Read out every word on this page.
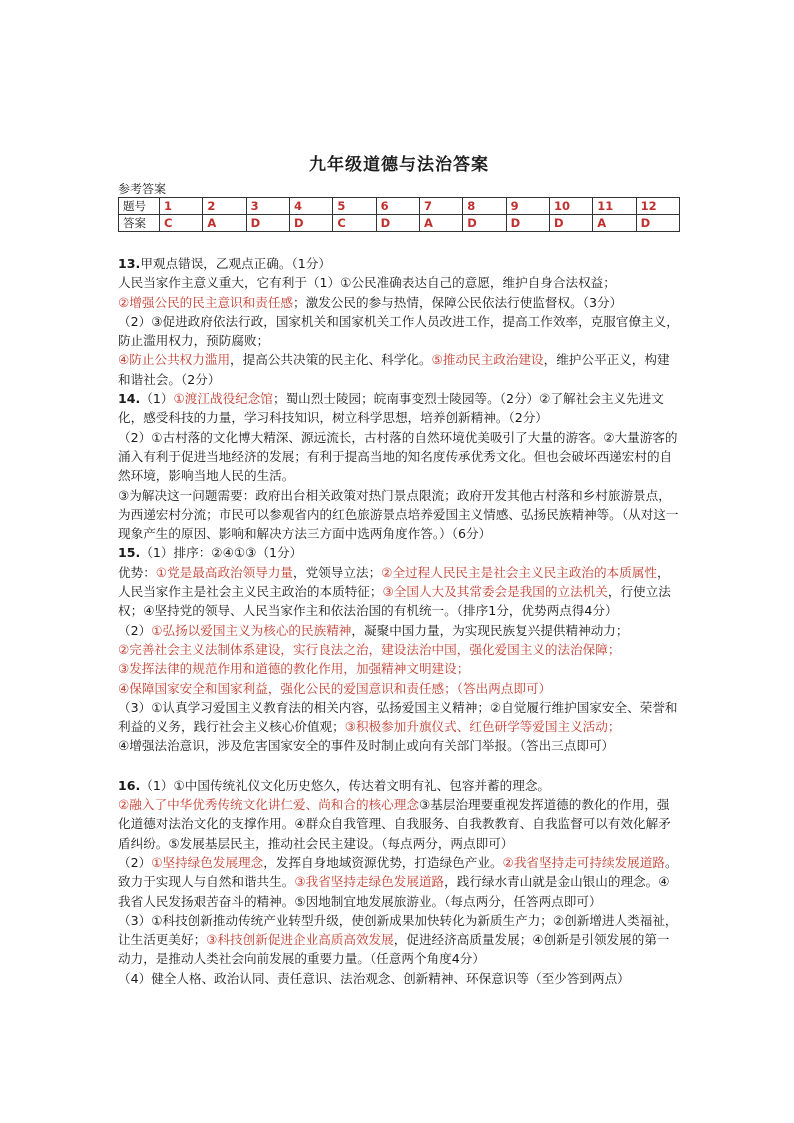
九年级道德与法治答案
参考答案
题号	1	2	3	4	5	6	7	8	9	10	11	12
答案	C	A	D	D	C	D	A	D	D	D	A	D

13.甲观点错误，乙观点正确。（1分）

人民当家作主意义重大，它有利于（1）①公民准确表达自己的意愿，维护自身合法权益；

②增强公民的民主意识和责任感；激发公民的参与热情，保障公民依法行使监督权。（3分）

（2）③促进政府依法行政，国家机关和国家机关工作人员改进工作，提高工作效率，克服官僚主义，防止滥用权力，预防腐败；

④防止公共权力滥用，提高公共决策的民主化、科学化。⑤推动民主政治建设，维护公平正义，构建和谐社会。（2分）

14.（1）①渡江战役纪念馆；蜀山烈士陵园；皖南事变烈士陵园等。（2分）②了解社会主义先进文化，感受科技的力量，学习科技知识，树立科学思想，培养创新精神。（2分）

（2）①古村落的文化博大精深、源远流长，古村落的自然环境优美吸引了大量的游客。②大量游客的涌入有利于促进当地经济的发展；有利于提高当地的知名度传承优秀文化。但也会破坏西递宏村的自然环境，影响当地人民的生活。

③为解决这一问题需要：政府出台相关政策对热门景点限流；政府开发其他古村落和乡村旅游景点，为西递宏村分流；市民可以参观省内的红色旅游景点培养爱国主义情感、弘扬民族精神等。（从对这一现象产生的原因、影响和解决方法三方面中选两角度作答。）（6分）

15.（1）排序：②④①③（1分）

优势：①党是最高政治领导力量，党领导立法；②全过程人民民主是社会主义民主政治的本质属性，人民当家作主是社会主义民主政治的本质特征；③全国人大及其常委会是我国的立法机关，行使立法权；④坚持党的领导、人民当家作主和依法治国的有机统一。（排序1分，优势两点得4分）

（2）①弘扬以爱国主义为核心的民族精神，凝聚中国力量，为实现民族复兴提供精神动力；

②完善社会主义法制体系建设，实行良法之治，建设法治中国，强化爱国主义的法治保障；

③发挥法律的规范作用和道德的教化作用，加强精神文明建设；

④保障国家安全和国家利益，强化公民的爱国意识和责任感；（答出两点即可）

（3）①认真学习爱国主义教育法的相关内容，弘扬爱国主义精神；②自觉履行维护国家安全、荣誉和利益的义务，践行社会主义核心价值观；③积极参加升旗仪式、红色研学等爱国主义活动；

④增强法治意识，涉及危害国家安全的事件及时制止或向有关部门举报。（答出三点即可）

16.（1）①中国传统礼仪文化历史悠久，传达着文明有礼、包容并蓄的理念。

②融入了中华优秀传统文化讲仁爱、尚和合的核心理念③基层治理要重视发挥道德的教化的作用，强化道德对法治文化的支撑作用。④群众自我管理、自我服务、自我教教育、自我监督可以有效化解矛盾纠纷。⑤发展基层民主，推动社会民主建设。（每点两分，两点即可）

（2）①坚持绿色发展理念，发挥自身地域资源优势，打造绿色产业。②我省坚持走可持续发展道路。致力于实现人与自然和谐共生。③我省坚持走绿色发展道路，践行绿水青山就是金山银山的理念。④我省人民发扬艰苦奋斗的精神。⑤因地制宜地发展旅游业。（每点两分，任答两点即可）

（3）①科技创新推动传统产业转型升级，使创新成果加快转化为新质生产力；②创新增进人类福祉，让生活更美好；③科技创新促进企业高质高效发展，促进经济高质量发展；④创新是引领发展的第一动力，是推动人类社会向前发展的重要力量。（任意两个角度4分）

（4）健全人格、政治认同、责任意识、法治观念、创新精神、环保意识等（至少答到两点）
